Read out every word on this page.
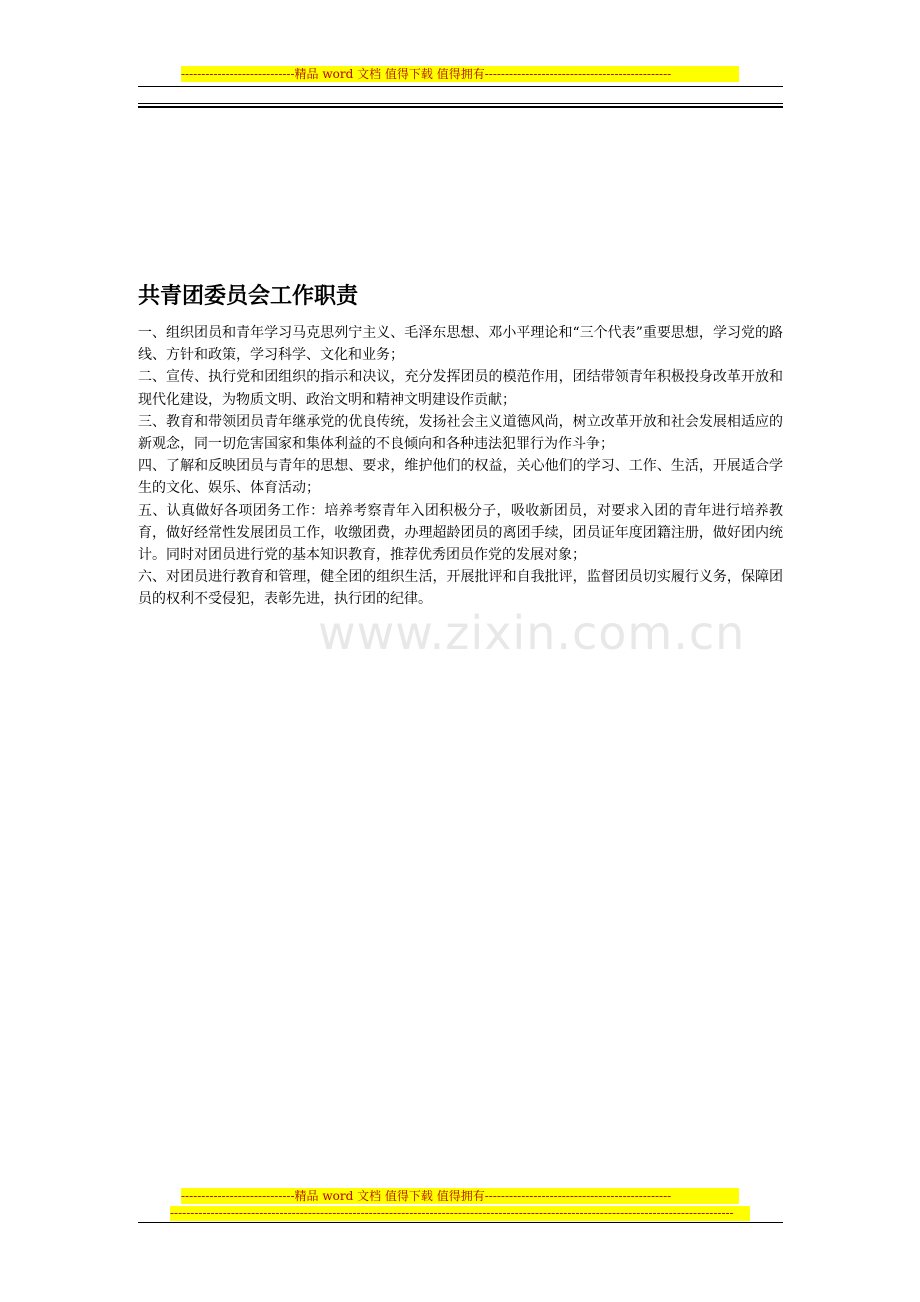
----------------------------精品 word 文档 值得下载 值得拥有----------------------------------------------
www.zixin.com.cn
共青团委员会工作职责

一、组织团员和青年学习马克思列宁主义、毛泽东思想、邓小平理论和“三个代表”重要思想，学习党的路线、方针和政策，学习科学、文化和业务；

二、宣传、执行党和团组织的指示和决议，充分发挥团员的模范作用，团结带领青年积极投身改革开放和现代化建设，为物质文明、政治文明和精神文明建设作贡献；

三、教育和带领团员青年继承党的优良传统，发扬社会主义道德风尚，树立改革开放和社会发展相适应的新观念，同一切危害国家和集体利益的不良倾向和各种违法犯罪行为作斗争；

四、了解和反映团员与青年的思想、要求，维护他们的权益，关心他们的学习、工作、生活，开展适合学生的文化、娱乐、体育活动；

五、认真做好各项团务工作：培养考察青年入团积极分子，吸收新团员，对要求入团的青年进行培养教育，做好经常性发展团员工作，收缴团费，办理超龄团员的离团手续，团员证年度团籍注册，做好团内统计。同时对团员进行党的基本知识教育，推荐优秀团员作党的发展对象；

六、对团员进行教育和管理，健全团的组织生活，开展批评和自我批评，监督团员切实履行义务，保障团员的权利不受侵犯，表彰先进，执行团的纪律。

----------------------------精品 word 文档 值得下载 值得拥有----------------------------------------------
-------------------------------------------------------------------------------------------------------------------------------------------
